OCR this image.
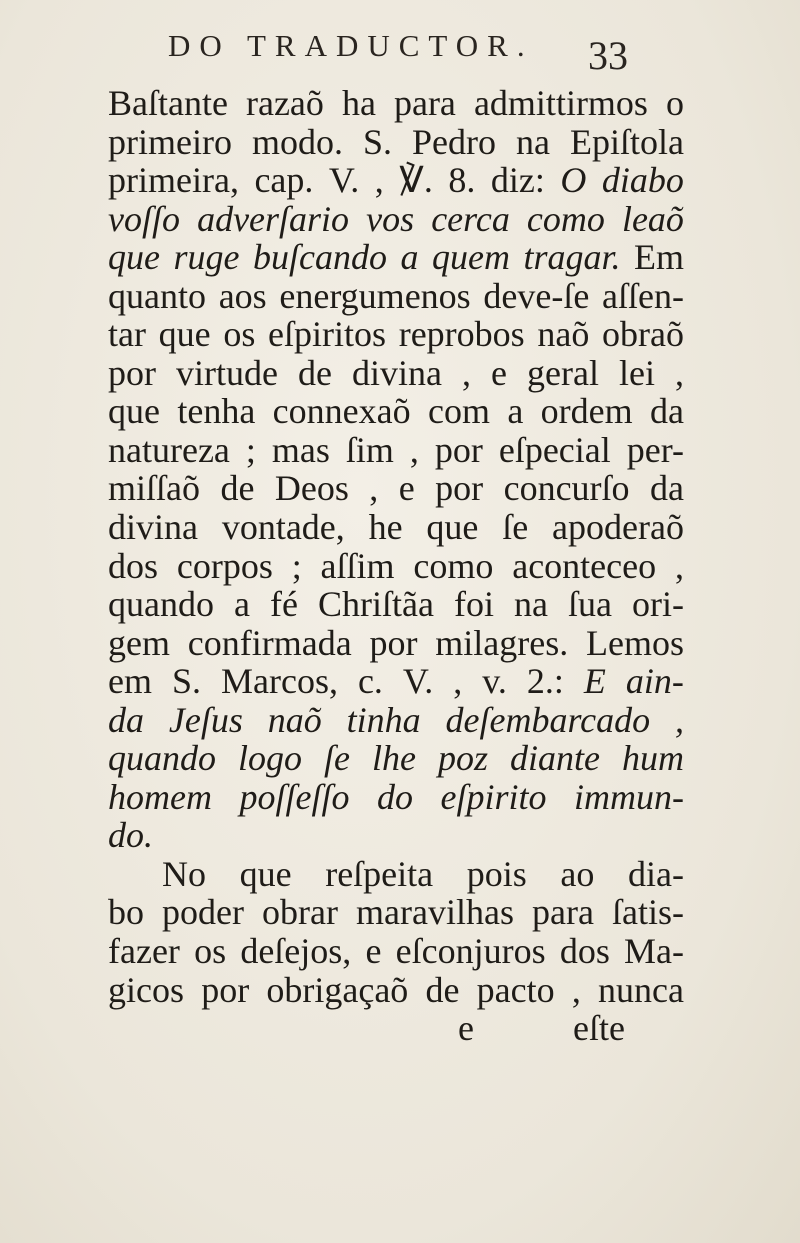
DO TRADUCTOR. 33
Baſtante razaõ ha para admittirmos o
primeiro modo. S. Pedro na Epiſtola
primeira, cap. V. , ℣. 8. diz: O diabo
voſſo adverſario vos cerca como leaõ
que ruge buſcando a quem tragar. Em
quanto aos energumenos deve-ſe aſſen-
tar que os eſpiritos reprobos naõ obraõ
por virtude de divina , e geral lei ,
que tenha connexaõ com a ordem da
natureza ; mas ſim , por eſpecial per-
miſſaõ de Deos , e por concurſo da
divina vontade, he que ſe apoderaõ
dos corpos ; aſſim como aconteceo ,
quando a fé Chriſtãa foi na ſua ori-
gem confirmada por milagres. Lemos
em S. Marcos, c. V. , v. 2.: E ain-
da Jeſus naõ tinha deſembarcado ,
quando logo ſe lhe poz diante hum
homem poſſeſſo do eſpirito immun-
do.
No que reſpeita pois ao dia-
bo poder obrar maravilhas para ſatis-
fazer os deſejos, e eſconjuros dos Ma-
gicos por obrigaçaõ de pacto , nunca
e	eſte
